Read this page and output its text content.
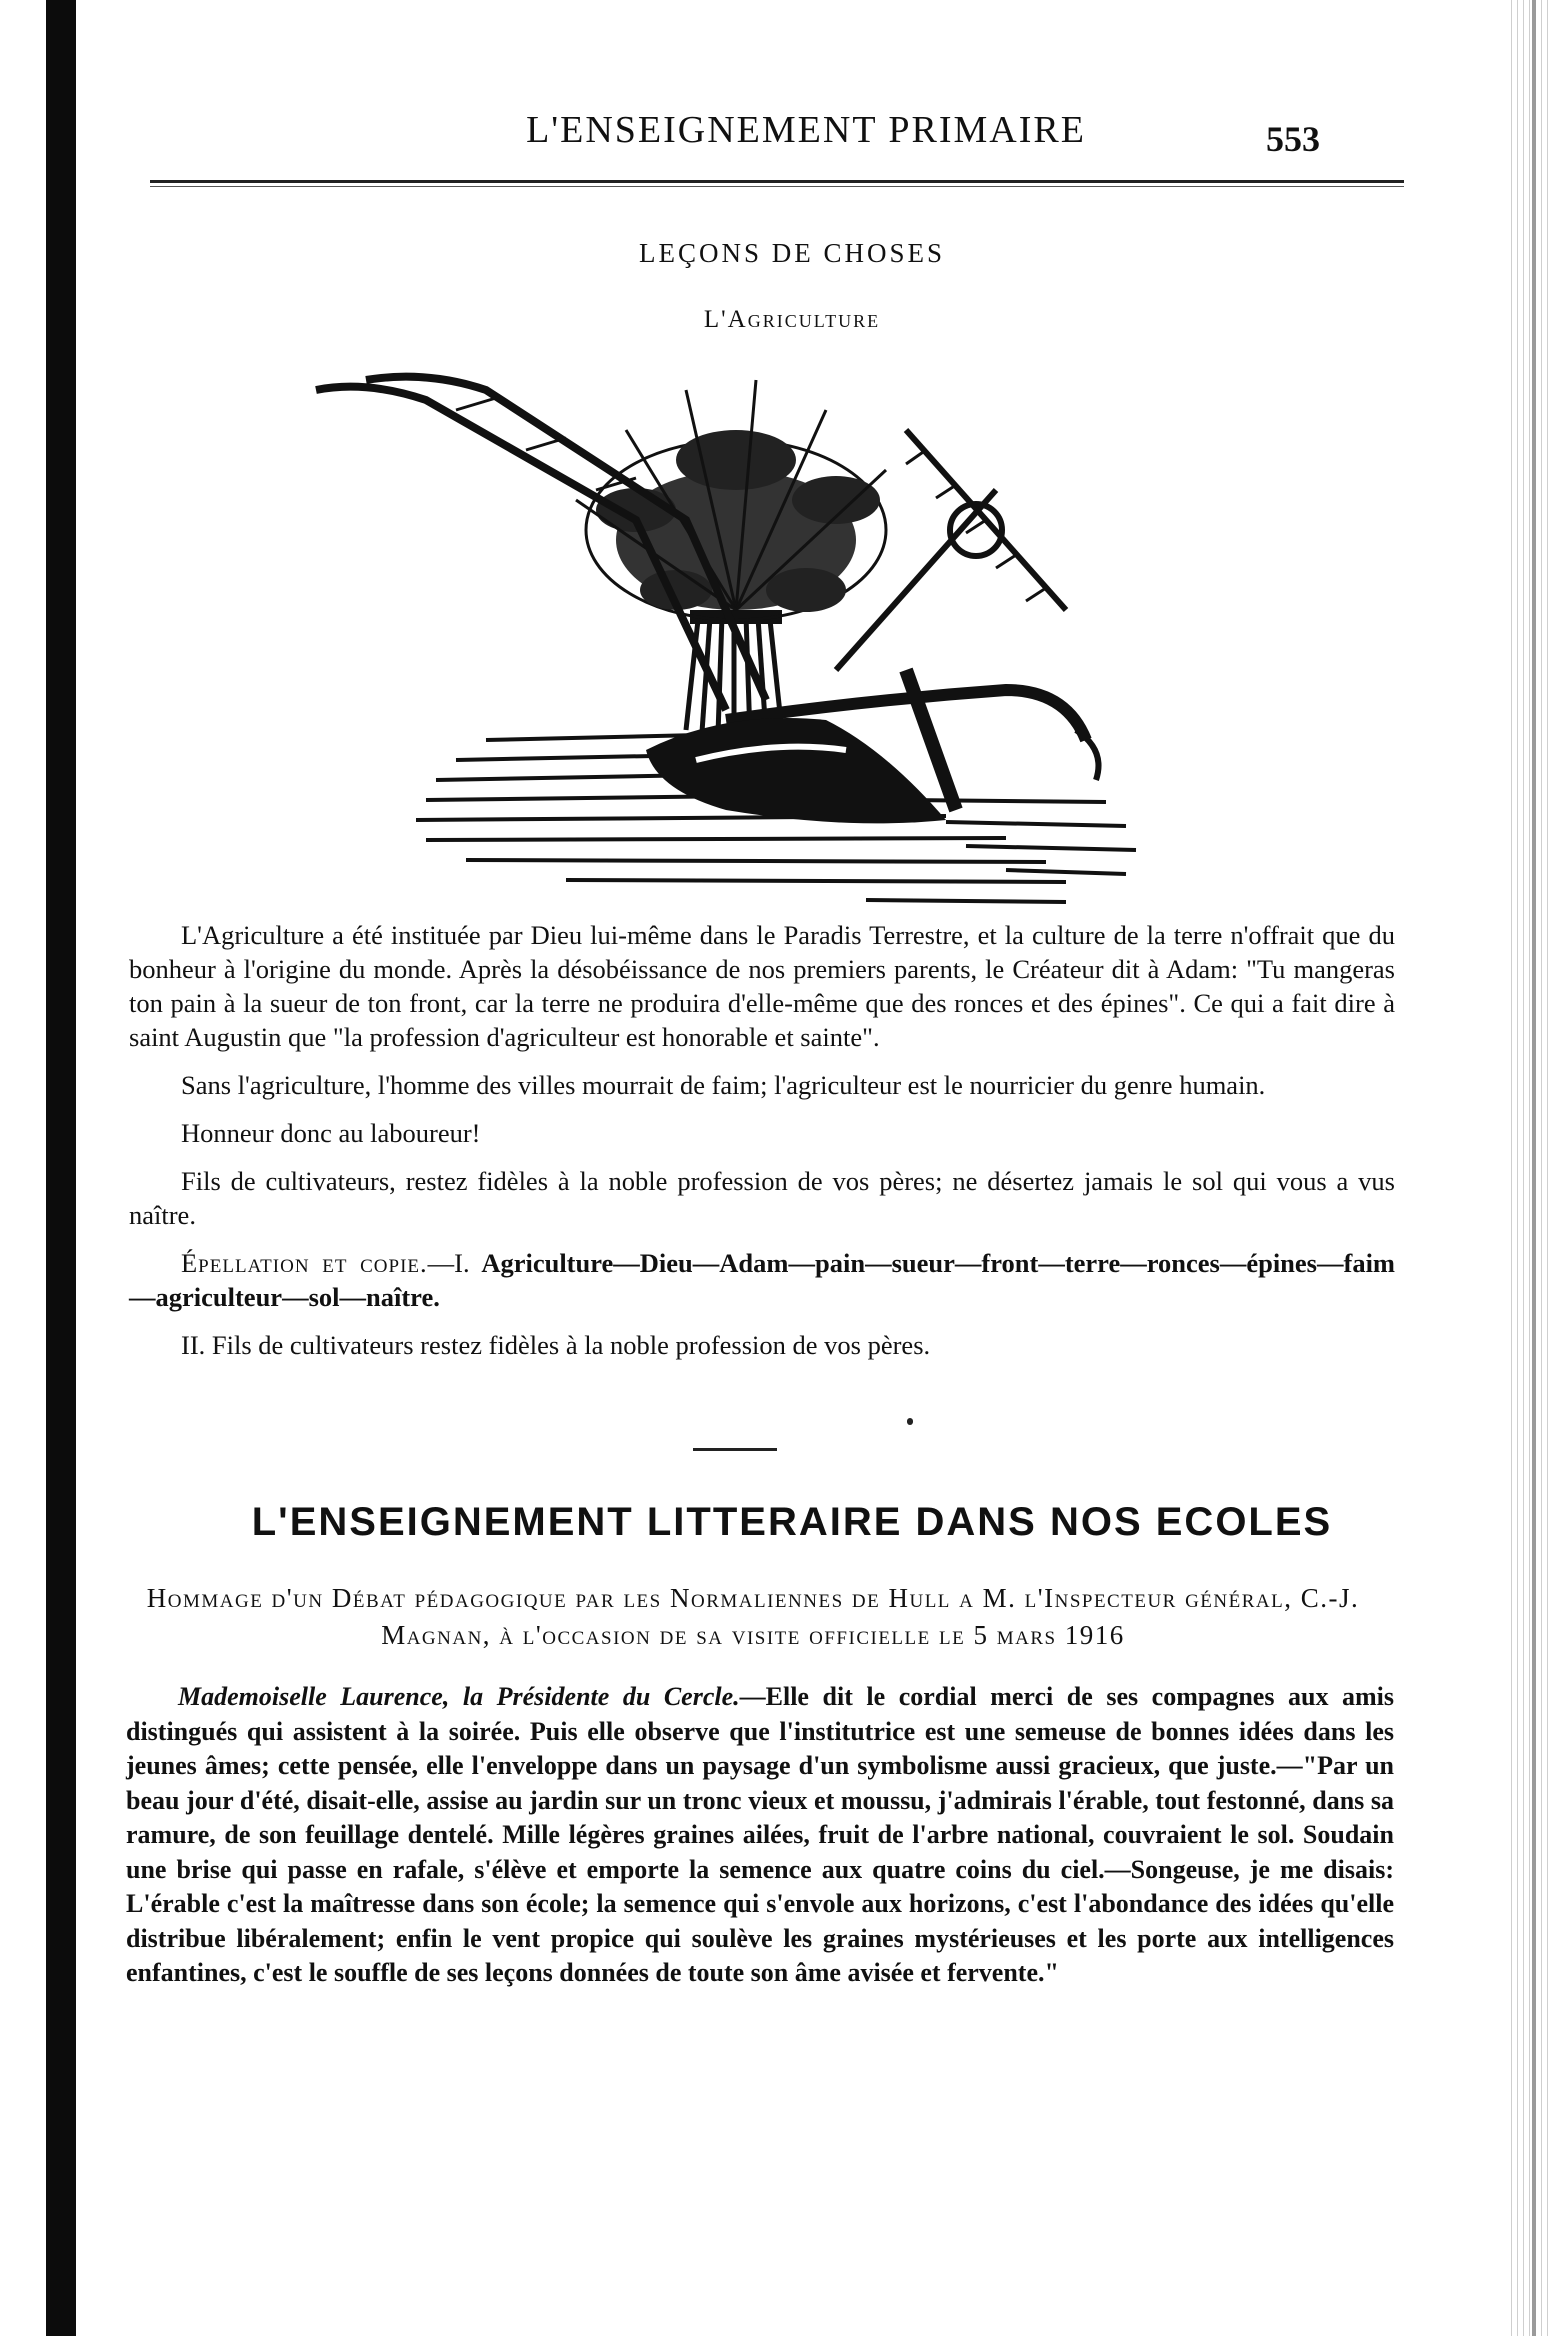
L'ENSEIGNEMENT PRIMAIRE	553
LEÇONS DE CHOSES
L'Agriculture

L'Agriculture a été instituée par Dieu lui-même dans le Paradis Terrestre, et la culture de la terre n'offrait que du bonheur à l'origine du monde. Après la désobéissance de nos premiers parents, le Créateur dit à Adam: "Tu mangeras ton pain à la sueur de ton front, car la terre ne produira d'elle-même que des ronces et des épines". Ce qui a fait dire à saint Augustin que "la profession d'agriculteur est honorable et sainte".

Sans l'agriculture, l'homme des villes mourrait de faim; l'agriculteur est le nourricier du genre humain.

Honneur donc au laboureur!

Fils de cultivateurs, restez fidèles à la noble profession de vos pères; ne désertez jamais le sol qui vous a vus naître.

Épellation et copie.—I. Agriculture—Dieu—Adam—pain—sueur—front—terre—ronces—épines—faim—agriculteur—sol—naître.

II. Fils de cultivateurs restez fidèles à la noble profession de vos pères.

L'ENSEIGNEMENT LITTERAIRE DANS NOS ECOLES
Hommage d'un Débat pédagogique par les Normaliennes de Hull a M. l'Inspecteur général, C.-J. Magnan, à l'occasion de sa visite officielle le 5 mars 1916

Mademoiselle Laurence, la Présidente du Cercle.—Elle dit le cordial merci de ses compagnes aux amis distingués qui assistent à la soirée. Puis elle observe que l'institutrice est une semeuse de bonnes idées dans les jeunes âmes; cette pensée, elle l'enveloppe dans un paysage d'un symbolisme aussi gracieux, que juste.—"Par un beau jour d'été, disait-elle, assise au jardin sur un tronc vieux et moussu, j'admirais l'érable, tout festonné, dans sa ramure, de son feuillage dentelé. Mille légères graines ailées, fruit de l'arbre national, couvraient le sol. Soudain une brise qui passe en rafale, s'élève et emporte la semence aux quatre coins du ciel.—Songeuse, je me disais: L'érable c'est la maîtresse dans son école; la semence qui s'envole aux horizons, c'est l'abondance des idées qu'elle distribue libéralement; enfin le vent propice qui soulève les graines mystérieuses et les porte aux intelligences enfantines, c'est le souffle de ses leçons données de toute son âme avisée et fervente."
